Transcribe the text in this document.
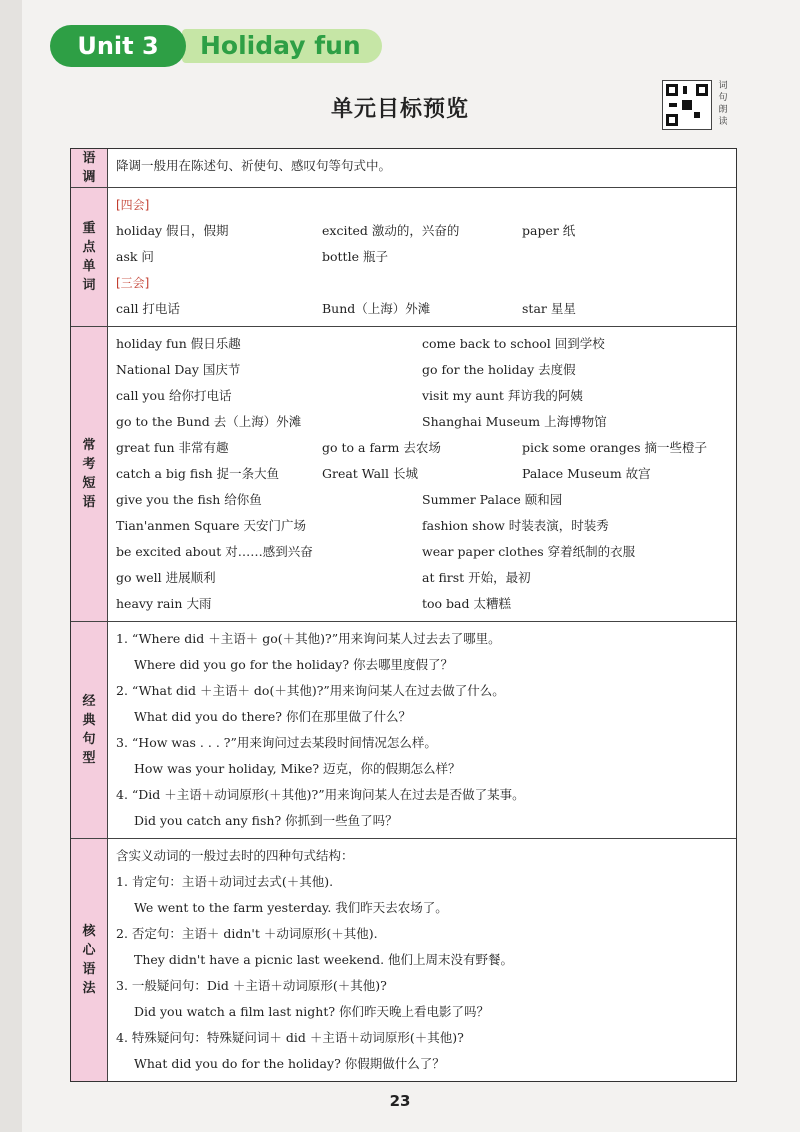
Unit 3	Holiday fun
单元目标预览
词
句
朗
读
语
调
降调一般用在陈述句、祈使句、感叹句等句式中。
重
点
单
词
[四会]
holiday 假日，假期	excited 激动的，兴奋的	paper 纸
ask 问	bottle 瓶子
[三会]
call 打电话	Bund（上海）外滩	star 星星
常
考
短
语
holiday fun 假日乐趣	come back to school 回到学校
National Day 国庆节	go for the holiday 去度假
call you 给你打电话	visit my aunt 拜访我的阿姨
go to the Bund 去（上海）外滩	Shanghai Museum 上海博物馆
great fun 非常有趣	go to a farm 去农场	pick some oranges 摘一些橙子
catch a big fish 捉一条大鱼	Great Wall 长城	Palace Museum 故宫
give you the fish 给你鱼	Summer Palace 颐和园
Tian'anmen Square 天安门广场	fashion show 时装表演，时装秀
be excited about 对……感到兴奋	wear paper clothes 穿着纸制的衣服
go well 进展顺利	at first 开始，最初
heavy rain 大雨	too bad 太糟糕
经
典
句
型
1. “Where did ＋主语＋ go(＋其他)?”用来询问某人过去去了哪里。
Where did you go for the holiday? 你去哪里度假了？
2. “What did ＋主语＋ do(＋其他)?”用来询问某人在过去做了什么。
What did you do there? 你们在那里做了什么？
3. “How was . . . ?”用来询问过去某段时间情况怎么样。
How was your holiday, Mike? 迈克，你的假期怎么样？
4. “Did ＋主语＋动词原形(＋其他)?”用来询问某人在过去是否做了某事。
Did you catch any fish? 你抓到一些鱼了吗？
核
心
语
法
含实义动词的一般过去时的四种句式结构：
1. 肯定句：主语＋动词过去式(＋其他).
We went to the farm yesterday. 我们昨天去农场了。
2. 否定句：主语＋ didn't ＋动词原形(＋其他).
They didn't have a picnic last weekend. 他们上周末没有野餐。
3. 一般疑问句：Did ＋主语＋动词原形(＋其他)?
Did you watch a film last night? 你们昨天晚上看电影了吗？
4. 特殊疑问句：特殊疑问词＋ did ＋主语＋动词原形(＋其他)?
What did you do for the holiday? 你假期做什么了？
23
